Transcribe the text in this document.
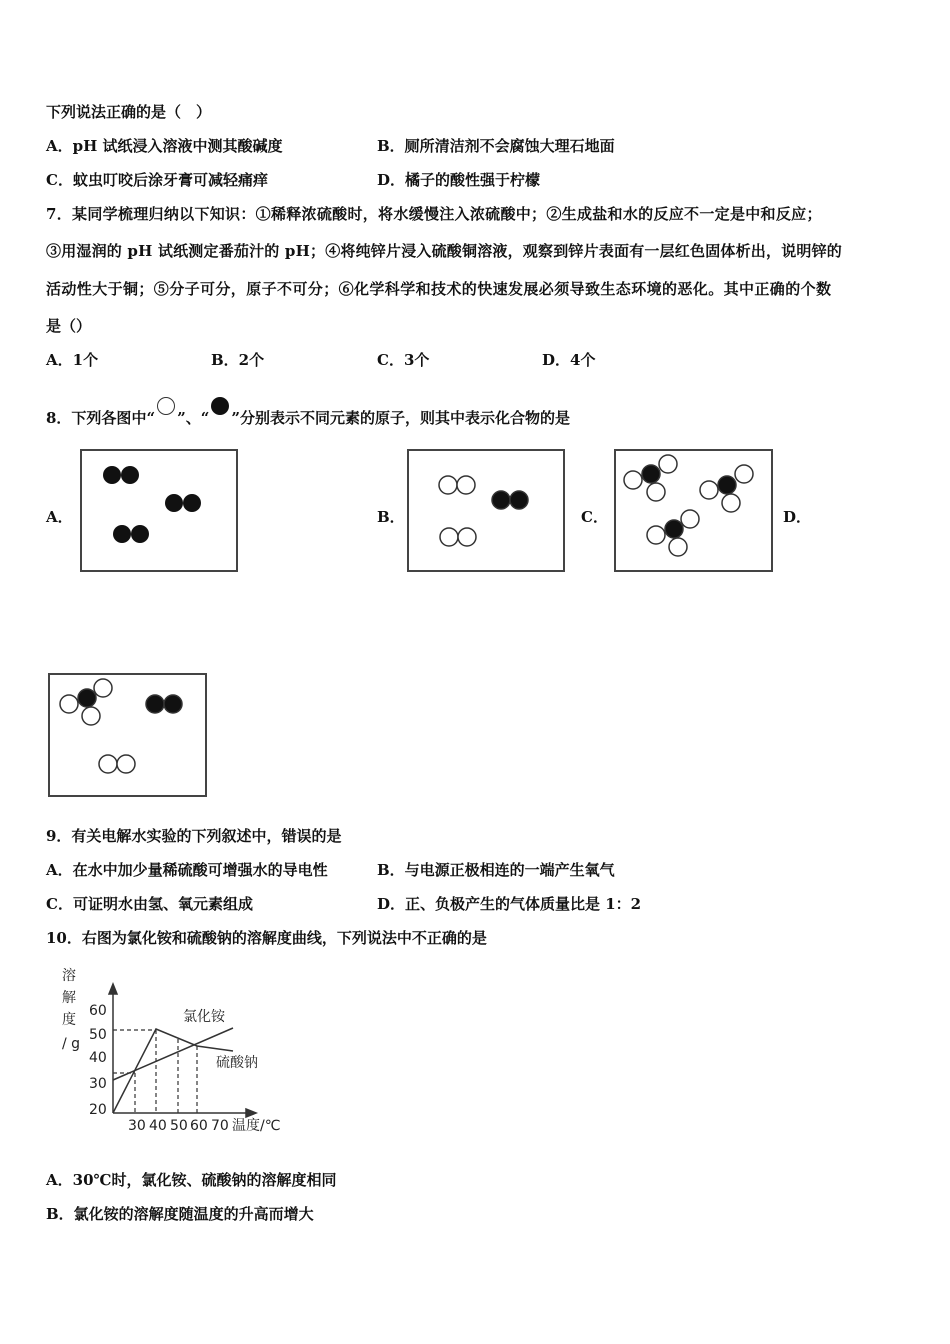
下列说法正确的是（　）
A．pH 试纸浸入溶液中测其酸碱度	B．厕所清洁剂不会腐蚀大理石地面
C．蚊虫叮咬后涂牙膏可减轻痛痒	D．橘子的酸性强于柠檬
7．某同学梳理归纳以下知识：①稀释浓硫酸时，将水缓慢注入浓硫酸中；②生成盐和水的反应不一定是中和反应；
③用湿润的 pH 试纸测定番茄汁的 pH；④将纯锌片浸入硫酸铜溶液，观察到锌片表面有一层红色固体析出，说明锌的
活动性大于铜；⑤分子可分，原子不可分；⑥化学科学和技术的快速发展必须导致生态环境的恶化。其中正确的个数
是（）
A．1个	B．2个	C．3个	D．4个
8．下列各图中“ ”、“ ”分别表示不同元素的原子，则其中表示化合物的是
A．	B．	C．	D．
溶
解
度
/ g
60
50
40
30
20
30 40 50 60 70 温度/℃
氯化铵
硫酸钠
9．有关电解水实验的下列叙述中，错误的是
A．在水中加少量稀硫酸可增强水的导电性	B．与电源正极相连的一端产生氧气
C．可证明水由氢、氧元素组成	D．正、负极产生的气体质量比是 1：2
10．右图为氯化铵和硫酸钠的溶解度曲线，下列说法中不正确的是
A．30℃时，氯化铵、硫酸钠的溶解度相同
B．氯化铵的溶解度随温度的升高而增大
